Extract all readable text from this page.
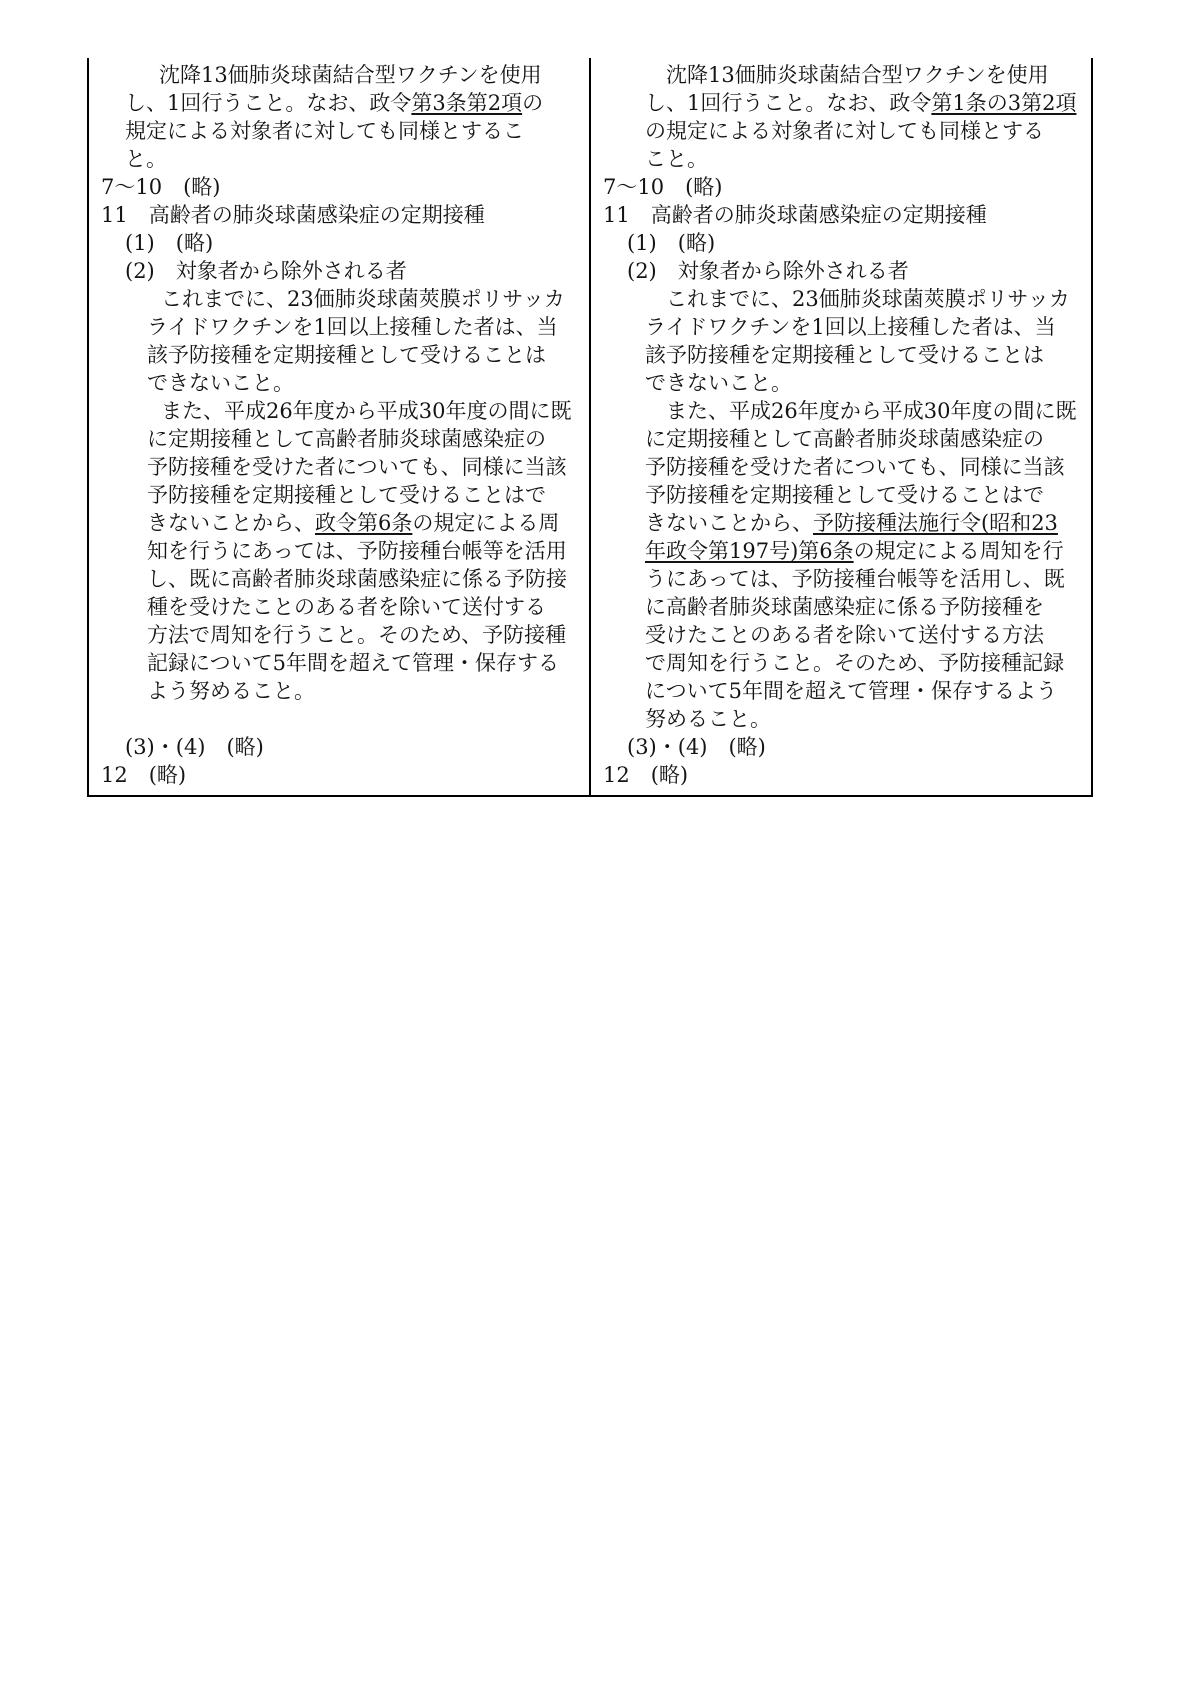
沈降13価肺炎球菌結合型ワクチンを使用
し、1回行うこと。なお、政令第3条第2項の
規定による対象者に対しても同様とするこ
と。
7〜10　(略)
11　高齢者の肺炎球菌感染症の定期接種
(1)　(略)
(2)　対象者から除外される者
これまでに、23価肺炎球菌莢膜ポリサッカ
ライドワクチンを1回以上接種した者は、当
該予防接種を定期接種として受けることは
できないこと。
また、平成26年度から平成30年度の間に既
に定期接種として高齢者肺炎球菌感染症の
予防接種を受けた者についても、同様に当該
予防接種を定期接種として受けることはで
きないことから、政令第6条の規定による周
知を行うにあっては、予防接種台帳等を活用
し、既に高齢者肺炎球菌感染症に係る予防接
種を受けたことのある者を除いて送付する
方法で周知を行うこと。そのため、予防接種
記録について5年間を超えて管理・保存する
よう努めること。
(3)・(4)　(略)
12　(略)
沈降13価肺炎球菌結合型ワクチンを使用
し、1回行うこと。なお、政令第1条の3第2項
の規定による対象者に対しても同様とする
こと。
7〜10　(略)
11　高齢者の肺炎球菌感染症の定期接種
(1)　(略)
(2)　対象者から除外される者
これまでに、23価肺炎球菌莢膜ポリサッカ
ライドワクチンを1回以上接種した者は、当
該予防接種を定期接種として受けることは
できないこと。
また、平成26年度から平成30年度の間に既
に定期接種として高齢者肺炎球菌感染症の
予防接種を受けた者についても、同様に当該
予防接種を定期接種として受けることはで
きないことから、予防接種法施行令(昭和23
年政令第197号)第6条の規定による周知を行
うにあっては、予防接種台帳等を活用し、既
に高齢者肺炎球菌感染症に係る予防接種を
受けたことのある者を除いて送付する方法
で周知を行うこと。そのため、予防接種記録
について5年間を超えて管理・保存するよう
努めること。
(3)・(4)　(略)
12　(略)
